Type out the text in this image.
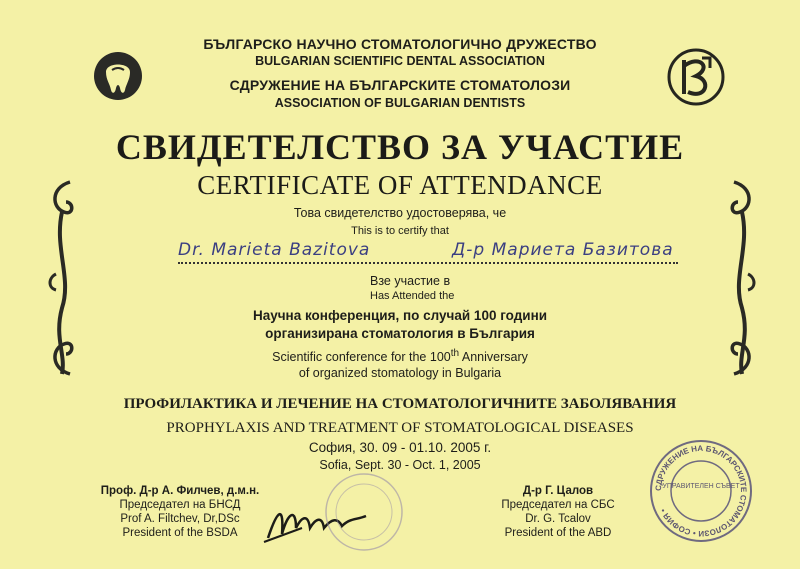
БЪЛГАРСКО НАУЧНО СТОМАТОЛОГИЧНО ДРУЖЕСТВО
BULGARIAN SCIENTIFIC DENTAL ASSOCIATION
СДРУЖЕНИЕ НА БЪЛГАРСКИТЕ СТОМАТОЛОЗИ
ASSOCIATION OF BULGARIAN DENTISTS
СВИДЕТЕЛСТВО ЗА УЧАСТИЕ
CERTIFICATE OF ATTENDANCE
Това свидетелство удостоверява, че
This is to certify that
Dr. Marieta Bazitova	Д-р Мариета Базитова
Взе участие в
Has Attended the
Научна конференция, по случай 100 години
организирана стоматология в България
Scientific conference for the 100th Anniversary
of organized stomatology in Bulgaria
ПРОФИЛАКТИКА И ЛЕЧЕНИЕ НА СТОМАТОЛОГИЧНИТЕ ЗАБОЛЯВАНИЯ
PROPHYLAXIS AND TREATMENT OF STOMATOLOGICAL DISEASES
София, 30. 09 - 01.10. 2005 г.
Sofia, Sept. 30 - Oct. 1, 2005
Проф. Д-р А. Филчев, д.м.н.
Председател на БНСД
Prof A. Filtchev, Dr,DSc
President of the BSDA
Д-р Г. Цалов
Председател на СБС
Dr. G. Tcalov
President of the ABD
СДРУЖЕНИЕ НА БЪЛГАРСКИТЕ СТОМАТОЛОЗИ • СОФИЯ •
УПРАВИТЕЛЕН СЪВЕТ
